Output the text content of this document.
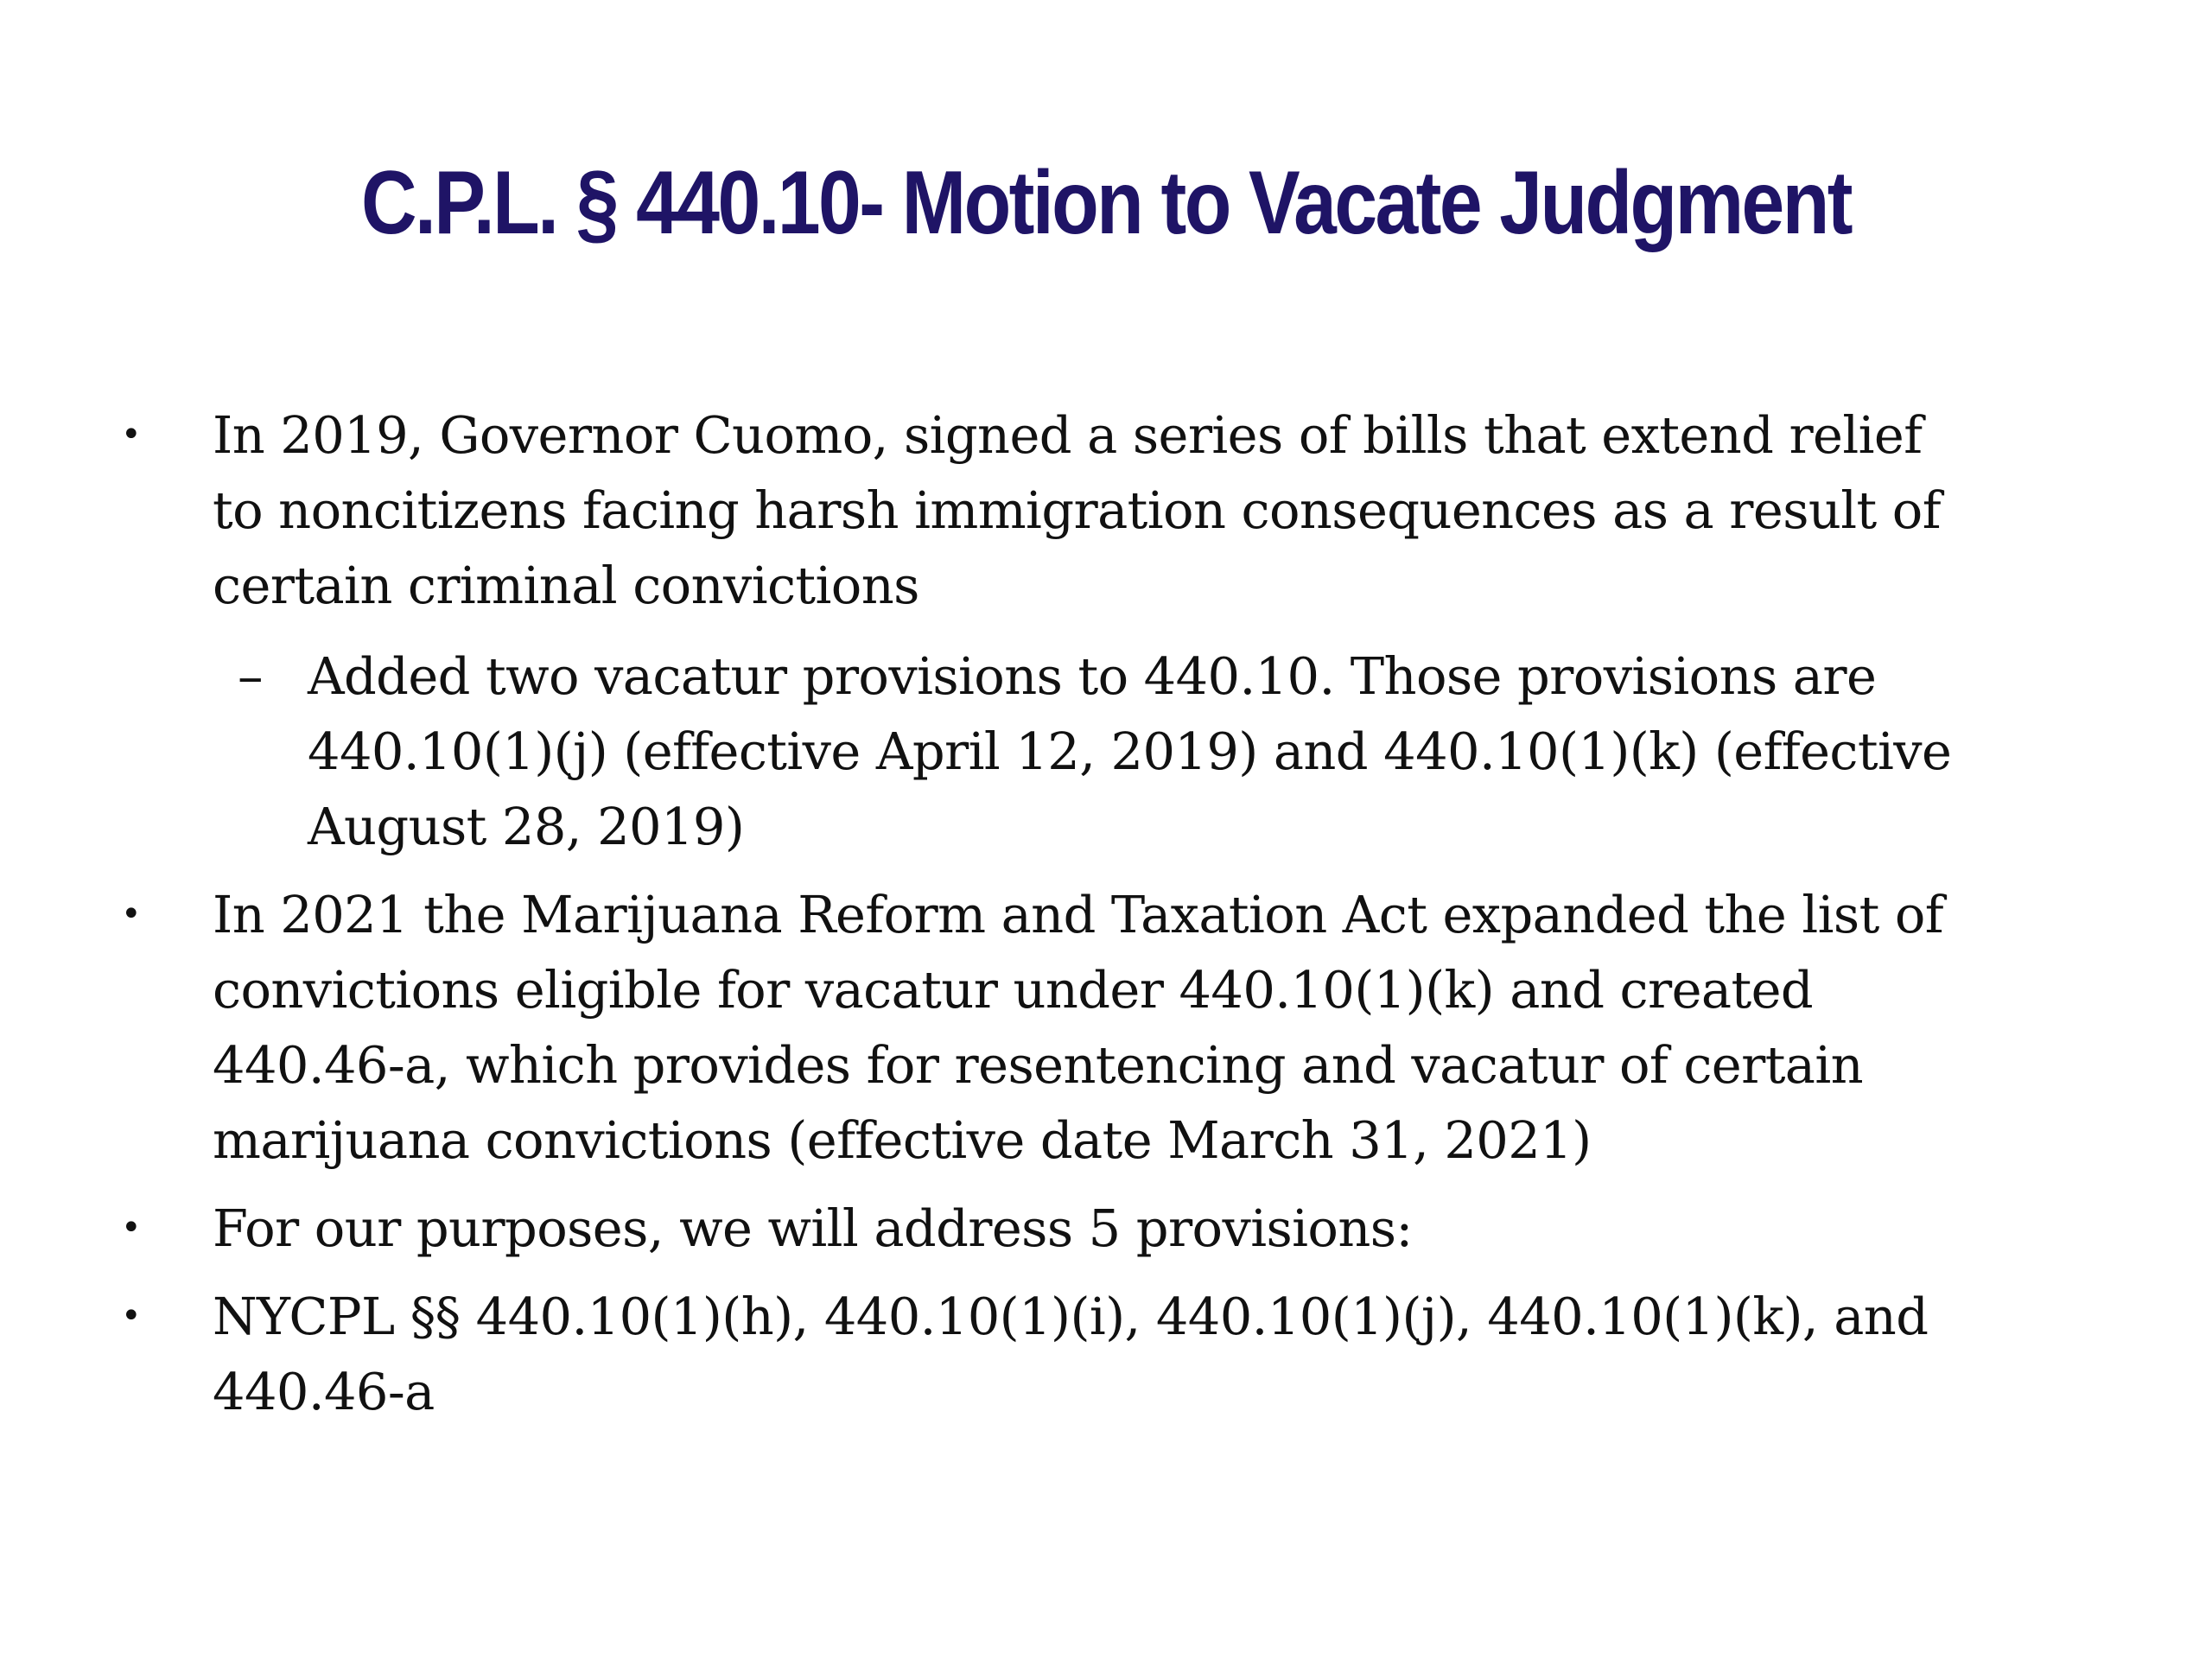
C.P.L. § 440.10- Motion to Vacate Judgment
• In 2019, Governor Cuomo, signed a series of bills that extend relief
to noncitizens facing harsh immigration consequences as a result of
certain criminal convictions
– Added two vacatur provisions to 440.10. Those provisions are
440.10(1)(j) (effective April 12, 2019) and 440.10(1)(k) (effective
August 28, 2019)
• In 2021 the Marijuana Reform and Taxation Act expanded the list of
convictions eligible for vacatur under 440.10(1)(k) and created
440.46-a, which provides for resentencing and vacatur of certain
marijuana convictions (effective date March 31, 2021)
• For our purposes, we will address 5 provisions:
• NYCPL §§ 440.10(1)(h), 440.10(1)(i), 440.10(1)(j), 440.10(1)(k), and
440.46-a
